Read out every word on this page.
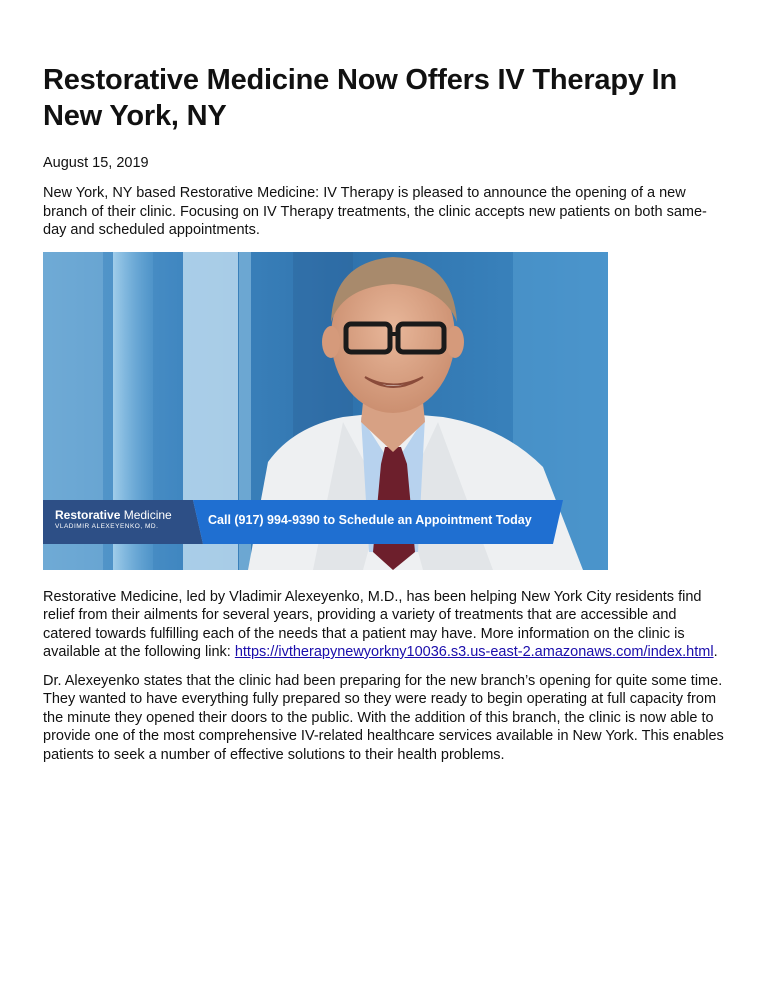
Restorative Medicine Now Offers IV Therapy In New York, NY
August 15, 2019

New York, NY based Restorative Medicine: IV Therapy is pleased to announce the opening of a new branch of their clinic. Focusing on IV Therapy treatments, the clinic accepts new patients on both same-day and scheduled appointments.

Restorative Medicine
VLADIMIR ALEXEYENKO, MD.	Call (917) 994-9390 to Schedule an Appointment Today

Restorative Medicine, led by Vladimir Alexeyenko, M.D., has been helping New York City residents find relief from their ailments for several years, providing a variety of treatments that are accessible and catered towards fulfilling each of the needs that a patient may have. More information on the clinic is available at the following link: https://ivtherapynewyorkny10036.s3.us-east-2.amazonaws.com/index.html.

Dr. Alexeyenko states that the clinic had been preparing for the new branch’s opening for quite some time. They wanted to have everything fully prepared so they were ready to begin operating at full capacity from the minute they opened their doors to the public. With the addition of this branch, the clinic is now able to provide one of the most comprehensive IV-related healthcare services available in New York. This enables patients to seek a number of effective solutions to their health problems.
